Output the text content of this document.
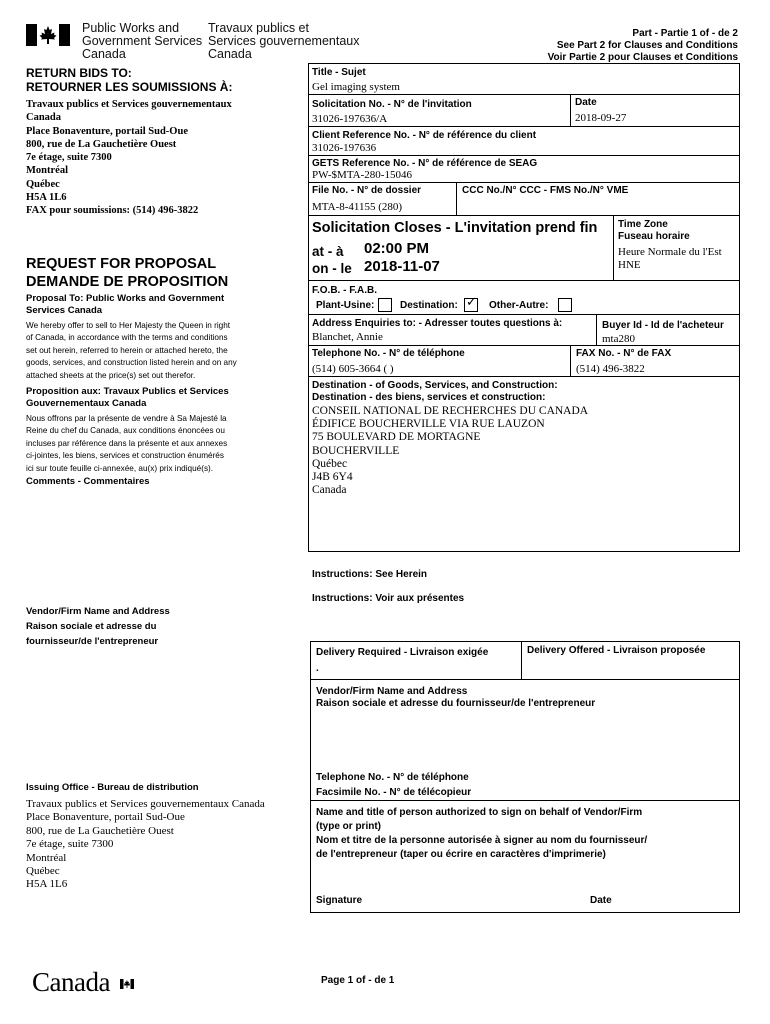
Public Works and
Government Services
Canada
Travaux publics et
Services gouvernementaux
Canada
Part - Partie 1 of - de 2
See Part 2 for Clauses and Conditions
Voir Partie 2 pour Clauses et Conditions
RETURN BIDS TO:
RETOURNER LES SOUMISSIONS À:
Travaux publics et Services gouvernementaux
Canada
Place Bonaventure, portail Sud-Oue
800, rue de La Gauchetière Ouest
7e étage, suite 7300
Montréal
Québec
H5A 1L6
FAX pour soumissions: (514) 496-3822
REQUEST FOR PROPOSAL
DEMANDE DE PROPOSITION
Proposal To: Public Works and Government
Services Canada
We hereby offer to sell to Her Majesty the Queen in right
of Canada, in accordance with the terms and conditions
set out herein, referred to herein or attached hereto, the
goods, services, and construction listed herein and on any
attached sheets at the price(s) set out therefor.
Proposition aux: Travaux Publics et Services
Gouvernementaux Canada
Nous offrons par la présente de vendre à Sa Majesté la
Reine du chef du Canada, aux conditions énoncées ou
incluses par référence dans la présente et aux annexes
ci-jointes, les biens, services et construction énumérés
ici sur toute feuille ci-annexée, au(x) prix indiqué(s).
Comments - Commentaires
Vendor/Firm Name and Address
Raison sociale et adresse du
fournisseur/de l'entrepreneur
Issuing Office - Bureau de distribution
Travaux publics et Services gouvernementaux Canada
Place Bonaventure, portail Sud-Oue
800, rue de La Gauchetière Ouest
7e étage, suite 7300
Montréal
Québec
H5A 1L6
Title - Sujet
Gel imaging system
Solicitation No. - N° de l'invitation
31026-197636/A
Date
2018-09-27
Client Reference No. - N° de référence du client
31026-197636
GETS Reference No. - N° de référence de SEAG
PW-$MTA-280-15046
File No. - N° de dossier
MTA-8-41155 (280)
CCC No./N° CCC - FMS No./N° VME
Solicitation Closes - L'invitation prend fin
at - à 02:00 PM
on - le 2018-11-07
Time Zone
Fuseau horaire
Heure Normale du l'Est
HNE
F.O.B. - F.A.B.
Plant-Usine:	Destination: ✓ Other-Autre:
Address Enquiries to: - Adresser toutes questions à:
Blanchet, Annie
Buyer Id - Id de l'acheteur
mta280
Telephone No. - N° de téléphone
(514) 605-3664 ( )
FAX No. - N° de FAX
(514) 496-3822
Destination - of Goods, Services, and Construction:
Destination - des biens, services et construction:
CONSEIL NATIONAL DE RECHERCHES DU CANADA
ÉDIFICE BOUCHERVILLE VIA RUE LAUZON
75 BOULEVARD DE MORTAGNE
BOUCHERVILLE
Québec
J4B 6Y4
Canada
Instructions: See Herein
Instructions: Voir aux présentes
Delivery Required - Livraison exigée
.
Delivery Offered - Livraison proposée
Vendor/Firm Name and Address
Raison sociale et adresse du fournisseur/de l'entrepreneur
Telephone No. - N° de téléphone
Facsimile No. - N° de télécopieur
Name and title of person authorized to sign on behalf of Vendor/Firm
(type or print)
Nom et titre de la personne autorisée à signer au nom du fournisseur/
de l'entrepreneur (taper ou écrire en caractères d'imprimerie)
Signature	Date
Page 1 of - de 1
Canada
